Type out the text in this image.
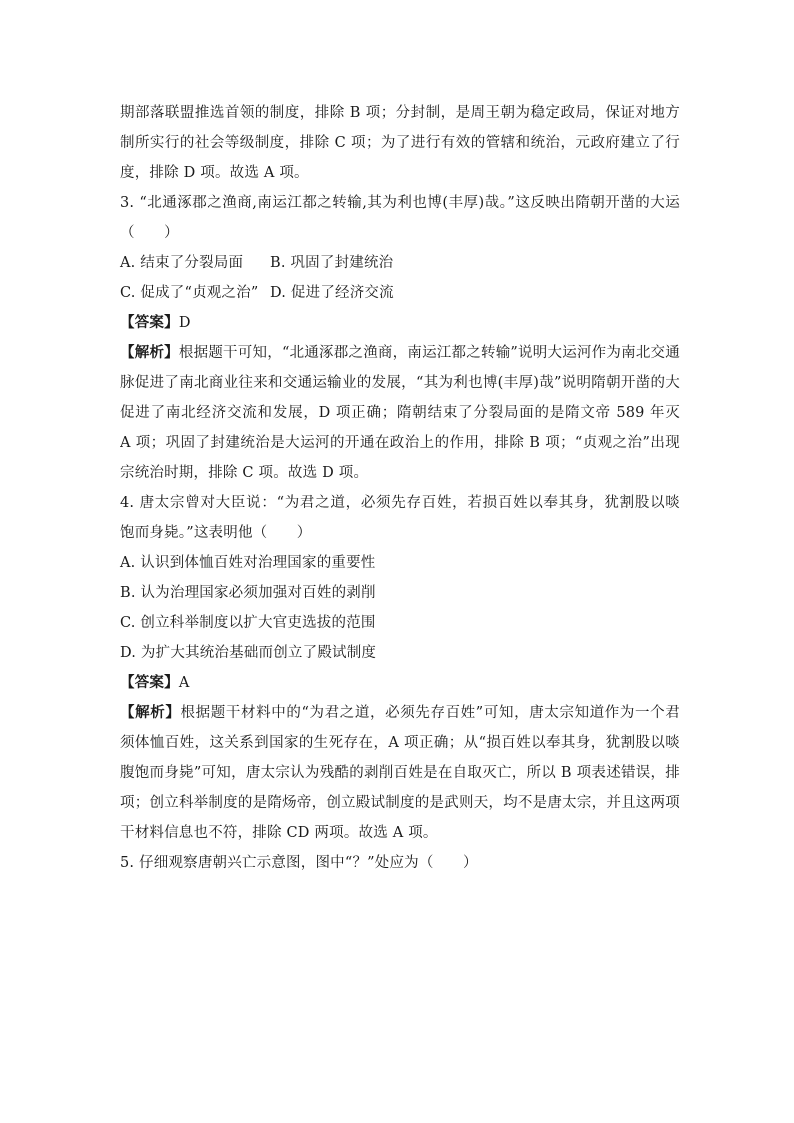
期部落联盟推选首领的制度，排除 B 项；分封制，是周王朝为稳定政局，保证对地方
制所实行的社会等级制度，排除 C 项；为了进行有效的管辖和统治，元政府建立了行
度，排除 D 项。故选 A 项。
3. “北通涿郡之渔商,南运江都之转输,其为利也博(丰厚)哉。”这反映出隋朝开凿的大运
（　　）
A. 结束了分裂局面 B. 巩固了封建统治
C. 促成了“贞观之治” D. 促进了经济交流
【答案】D
【解析】根据题干可知，“北通涿郡之渔商，南运江都之转输”说明大运河作为南北交通
脉促进了南北商业往来和交通运输业的发展，“其为利也博(丰厚)哉”说明隋朝开凿的大
促进了南北经济交流和发展，D 项正确；隋朝结束了分裂局面的是隋文帝 589 年灭
A 项；巩固了封建统治是大运河的开通在政治上的作用，排除 B 项；“贞观之治”出现
宗统治时期，排除 C 项。故选 D 项。
4. 唐太宗曾对大臣说：“为君之道，必须先存百姓，若损百姓以奉其身，犹割股以啖
饱而身毙。”这表明他（　　）
A. 认识到体恤百姓对治理国家的重要性
B. 认为治理国家必须加强对百姓的剥削
C. 创立科举制度以扩大官吏选拔的范围
D. 为扩大其统治基础而创立了殿试制度
【答案】A
【解析】根据题干材料中的“为君之道，必须先存百姓”可知，唐太宗知道作为一个君
须体恤百姓，这关系到国家的生死存在，A 项正确；从“损百姓以奉其身，犹割股以啖
腹饱而身毙”可知，唐太宗认为残酷的剥削百姓是在自取灭亡，所以 B 项表述错误，排
项；创立科举制度的是隋炀帝，创立殿试制度的是武则天，均不是唐太宗，并且这两项
干材料信息也不符，排除 CD 两项。故选 A 项。
5. 仔细观察唐朝兴亡示意图，图中“？”处应为（　　）
